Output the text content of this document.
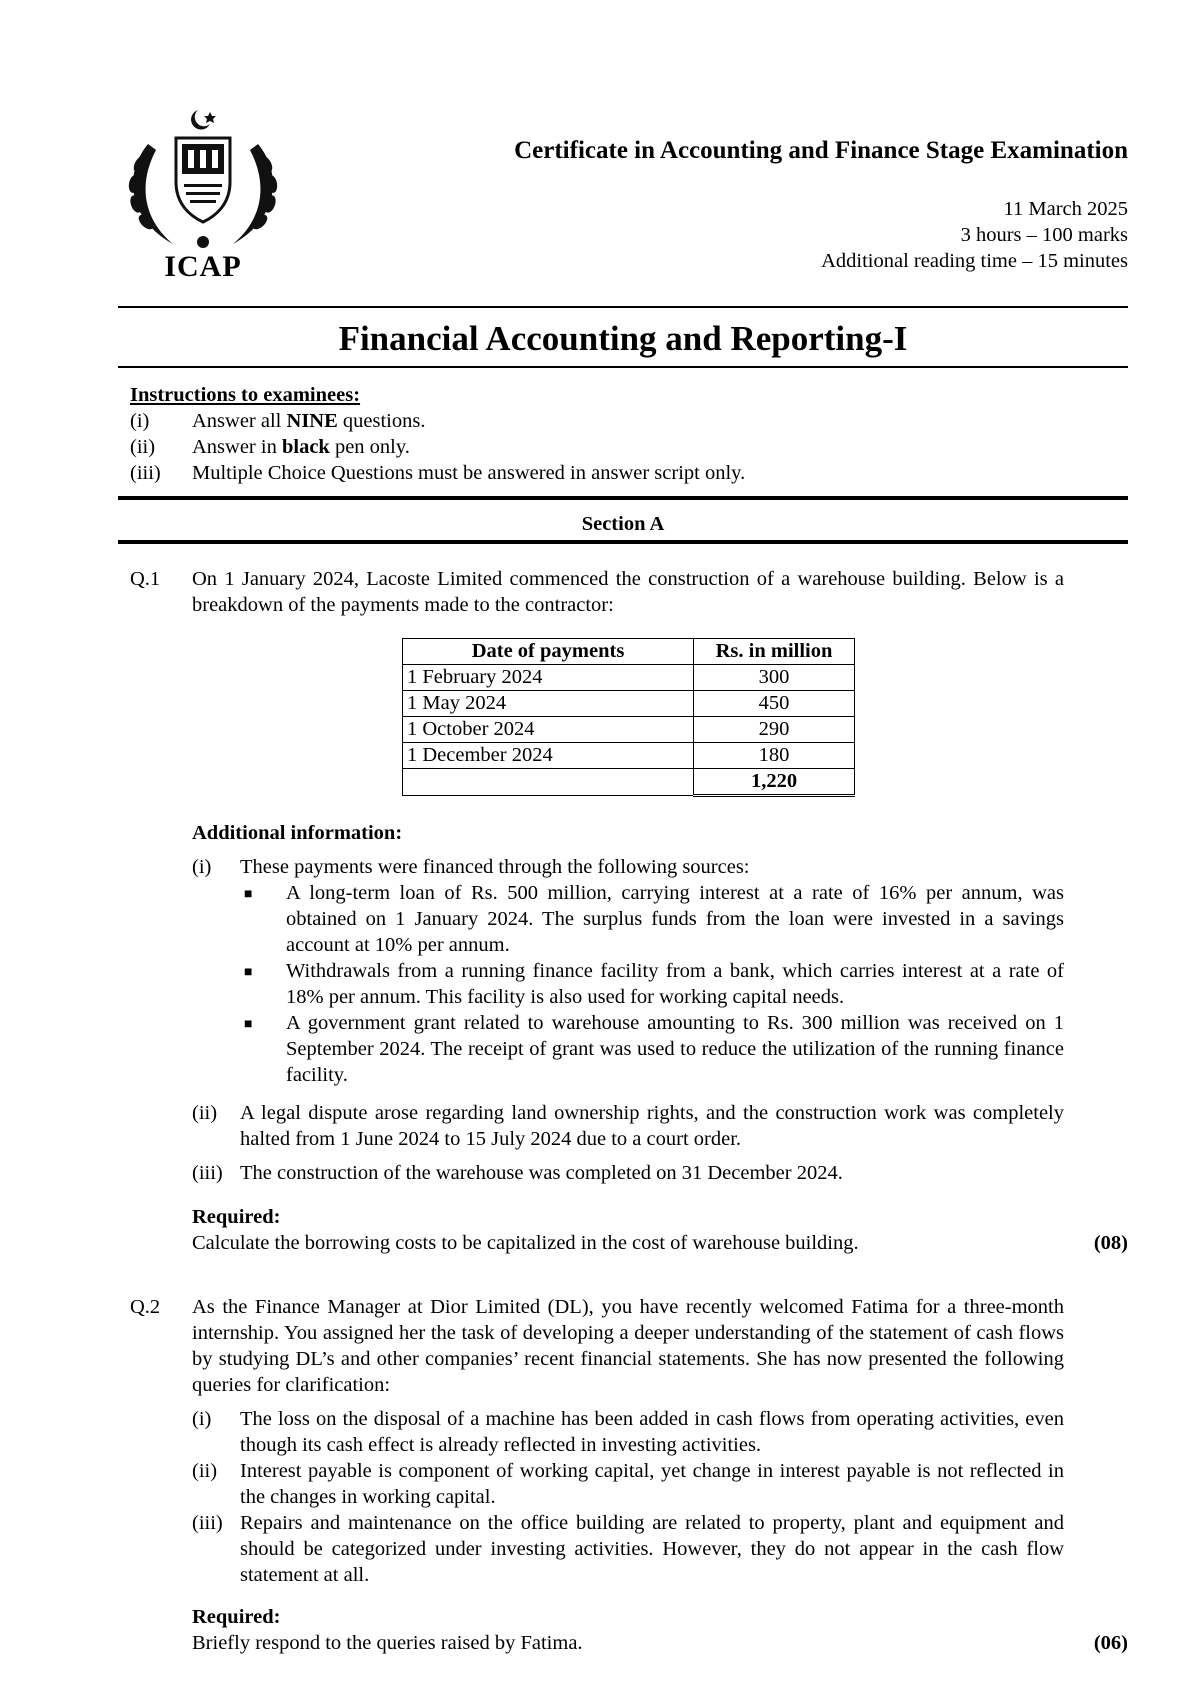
ICAP
Certificate in Accounting and Finance Stage Examination
11 March 2025
3 hours – 100 marks
Additional reading time – 15 minutes
Financial Accounting and Reporting-I
Instructions to examinees:
(i) Answer all NINE questions.
(ii) Answer in black pen only.
(iii) Multiple Choice Questions must be answered in answer script only.
Section A
Q.1 On 1 January 2024, Lacoste Limited commenced the construction of a warehouse building. Below is a breakdown of the payments made to the contractor:
Date of payments	Rs. in million
1 February 2024	300
1 May 2024	450
1 October 2024	290
1 December 2024	180
	1,220
Additional information:
(i) These payments were financed through the following sources:
■ A long-term loan of Rs. 500 million, carrying interest at a rate of 16% per annum, was obtained on 1 January 2024. The surplus funds from the loan were invested in a savings account at 10% per annum.
■ Withdrawals from a running finance facility from a bank, which carries interest at a rate of 18% per annum. This facility is also used for working capital needs.
■ A government grant related to warehouse amounting to Rs. 300 million was received on 1 September 2024. The receipt of grant was used to reduce the utilization of the running finance facility.
(ii) A legal dispute arose regarding land ownership rights, and the construction work was completely halted from 1 June 2024 to 15 July 2024 due to a court order.
(iii) The construction of the warehouse was completed on 31 December 2024.
Required:
Calculate the borrowing costs to be capitalized in the cost of warehouse building.	(08)
Q.2 As the Finance Manager at Dior Limited (DL), you have recently welcomed Fatima for a three-month internship. You assigned her the task of developing a deeper understanding of the statement of cash flows by studying DL’s and other companies’ recent financial statements. She has now presented the following queries for clarification:
(i) The loss on the disposal of a machine has been added in cash flows from operating activities, even though its cash effect is already reflected in investing activities.
(ii) Interest payable is component of working capital, yet change in interest payable is not reflected in the changes in working capital.
(iii) Repairs and maintenance on the office building are related to property, plant and equipment and should be categorized under investing activities. However, they do not appear in the cash flow statement at all.
Required:
Briefly respond to the queries raised by Fatima.	(06)
